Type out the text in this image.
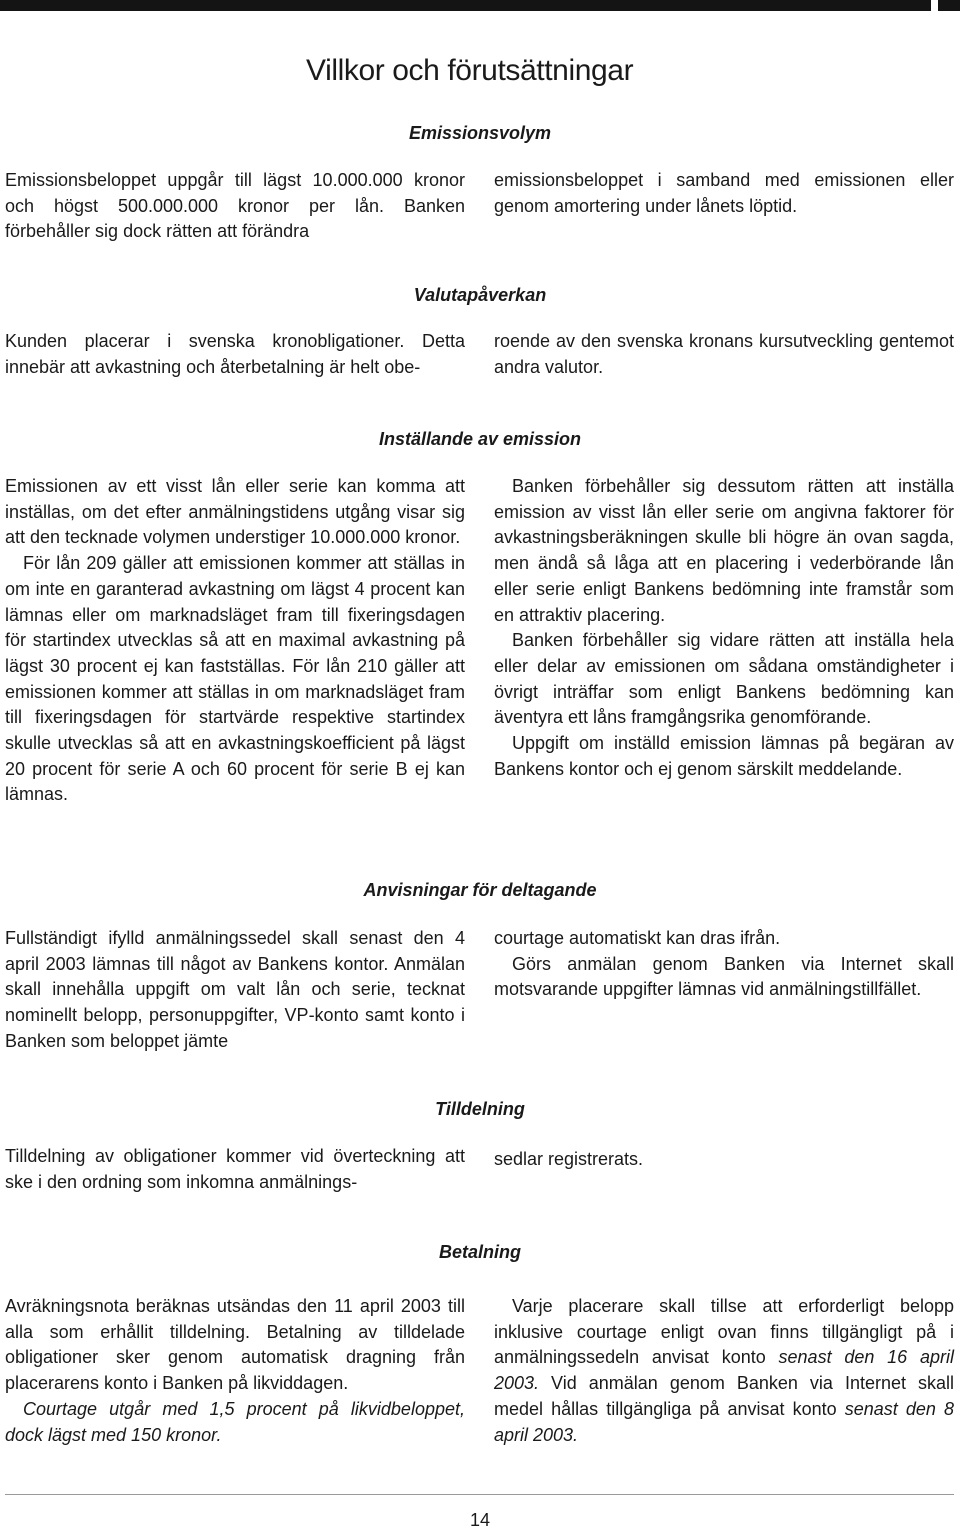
Villkor och förutsättningar
Emissionsvolym
Emissionsbeloppet uppgår till lägst 10.000.000 kronor och högst 500.000.000 kronor per lån. Banken förbehåller sig dock rätten att förändra
emissionsbeloppet i samband med emissionen eller genom amortering under lånets löptid.
Valutapåverkan
Kunden placerar i svenska kronobligationer. Detta innebär att avkastning och återbetalning är helt obe-
roende av den svenska kronans kursutveckling gentemot andra valutor.
Inställande av emission

Emissionen av ett visst lån eller serie kan komma att inställas, om det efter anmälningstidens utgång visar sig att den tecknade volymen understiger 10.000.000 kronor.

För lån 209 gäller att emissionen kommer att ställas in om inte en garanterad avkastning om lägst 4 procent kan lämnas eller om marknadsläget fram till fixeringsdagen för startindex utvecklas så att en maximal avkastning på lägst 30 procent ej kan fastställas. För lån 210 gäller att emissionen kommer att ställas in om marknadsläget fram till fixeringsdagen för startvärde respektive startindex skulle utvecklas så att en avkastningskoefficient på lägst 20 procent för serie A och 60 procent för serie B ej kan lämnas.

Banken förbehåller sig dessutom rätten att inställa emission av visst lån eller serie om angivna faktorer för avkastningsberäkningen skulle bli högre än ovan sagda, men ändå så låga att en placering i vederbörande lån eller serie enligt Bankens bedömning inte framstår som en attraktiv placering.

Banken förbehåller sig vidare rätten att inställa hela eller delar av emissionen om sådana omständigheter i övrigt inträffar som enligt Bankens bedömning kan äventyra ett låns framgångsrika genomförande.

Uppgift om inställd emission lämnas på begäran av Bankens kontor och ej genom särskilt meddelande.

Anvisningar för deltagande
Fullständigt ifylld anmälningssedel skall senast den 4 april 2003 lämnas till något av Bankens kontor. Anmälan skall innehålla uppgift om valt lån och serie, tecknat nominellt belopp, personuppgifter, VP-konto samt konto i Banken som beloppet jämte

courtage automatiskt kan dras ifrån.

Görs anmälan genom Banken via Internet skall motsvarande uppgifter lämnas vid anmälningstillfället.

Tilldelning
Tilldelning av obligationer kommer vid överteckning att ske i den ordning som inkomna anmälnings-
sedlar registrerats.
Betalning

Avräkningsnota beräknas utsändas den 11 april 2003 till alla som erhållit tilldelning. Betalning av tilldelade obligationer sker genom automatisk dragning från placerarens konto i Banken på likviddagen.

Courtage utgår med 1,5 procent på likvidbeloppet, dock lägst med 150 kronor.

Varje placerare skall tillse att erforderligt belopp inklusive courtage enligt ovan finns tillgängligt på i anmälningssedeln anvisat konto senast den 16 april 2003. Vid anmälan genom Banken via Internet skall medel hållas tillgängliga på anvisat konto senast den 8 april 2003.

14
